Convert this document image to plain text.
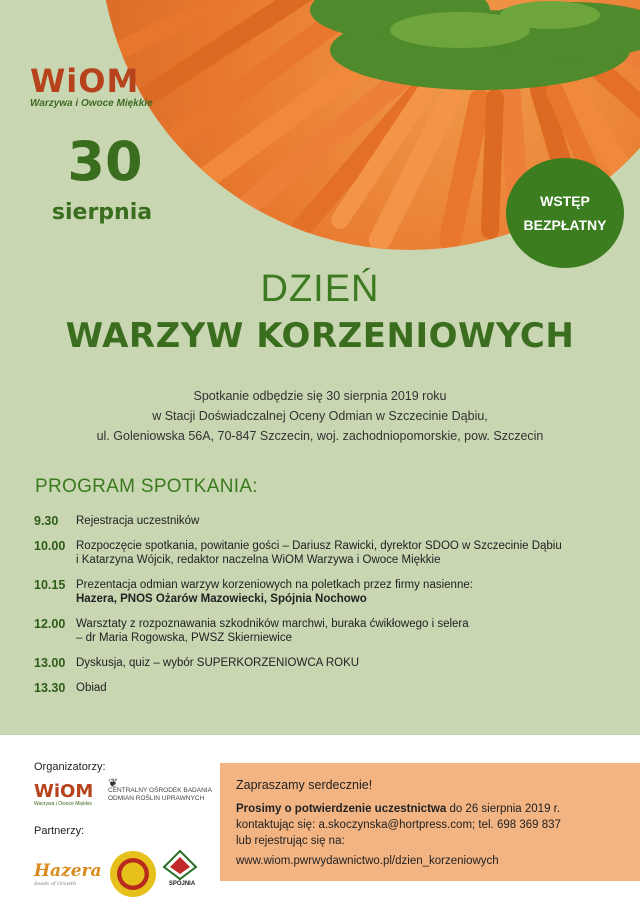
WiOM
Warzywa i Owoce Miękkie
30
sierpnia	WSTĘP
BEZPŁATNY
DZIEŃ
WARZYW KORZENIOWYCH
Spotkanie odbędzie się 30 sierpnia 2019 roku
w Stacji Doświadczalnej Oceny Odmian w Szczecinie Dąbiu,
ul. Goleniowska 56A, 70-847 Szczecin, woj. zachodniopomorskie, pow. Szczecin
PROGRAM SPOTKANIA:
9.30	Rejestracja uczestników
10.00 Rozpoczęcie spotkania, powitanie gości – Dariusz Rawicki, dyrektor SDOO w Szczecinie Dąbiu
i Katarzyna Wójcik, redaktor naczelna WiOM Warzywa i Owoce Miękkie
10.15 Prezentacja odmian warzyw korzeniowych na poletkach przez firmy nasienne:
Hazera, PNOS Ożarów Mazowiecki, Spójnia Nochowo
12.00 Warsztaty z rozpoznawania szkodników marchwi, buraka ćwikłowego i selera
– dr Maria Rogowska, PWSZ Skierniewice
13.00 Dyskusja, quiz – wybór SUPERKORZENIOWCA ROKU
13.30 Obiad
Organizatorzy:
WiOM
Warzywa i Owoce Miękkie
❦
CENTRALNY OŚRODEK BADANIA
ODMIAN ROŚLIN UPRAWNYCH
Partnerzy:
Hazera
Seeds of Growth	SPÓJNIA
Zapraszamy serdecznie!
Prosimy o potwierdzenie uczestnictwa do 26 sierpnia 2019 r.
kontaktując się: a.skoczynska@hortpress.com; tel. 698 369 837
lub rejestrując się na:
www.wiom.pwrwydawnictwo.pl/dzien_korzeniowych
